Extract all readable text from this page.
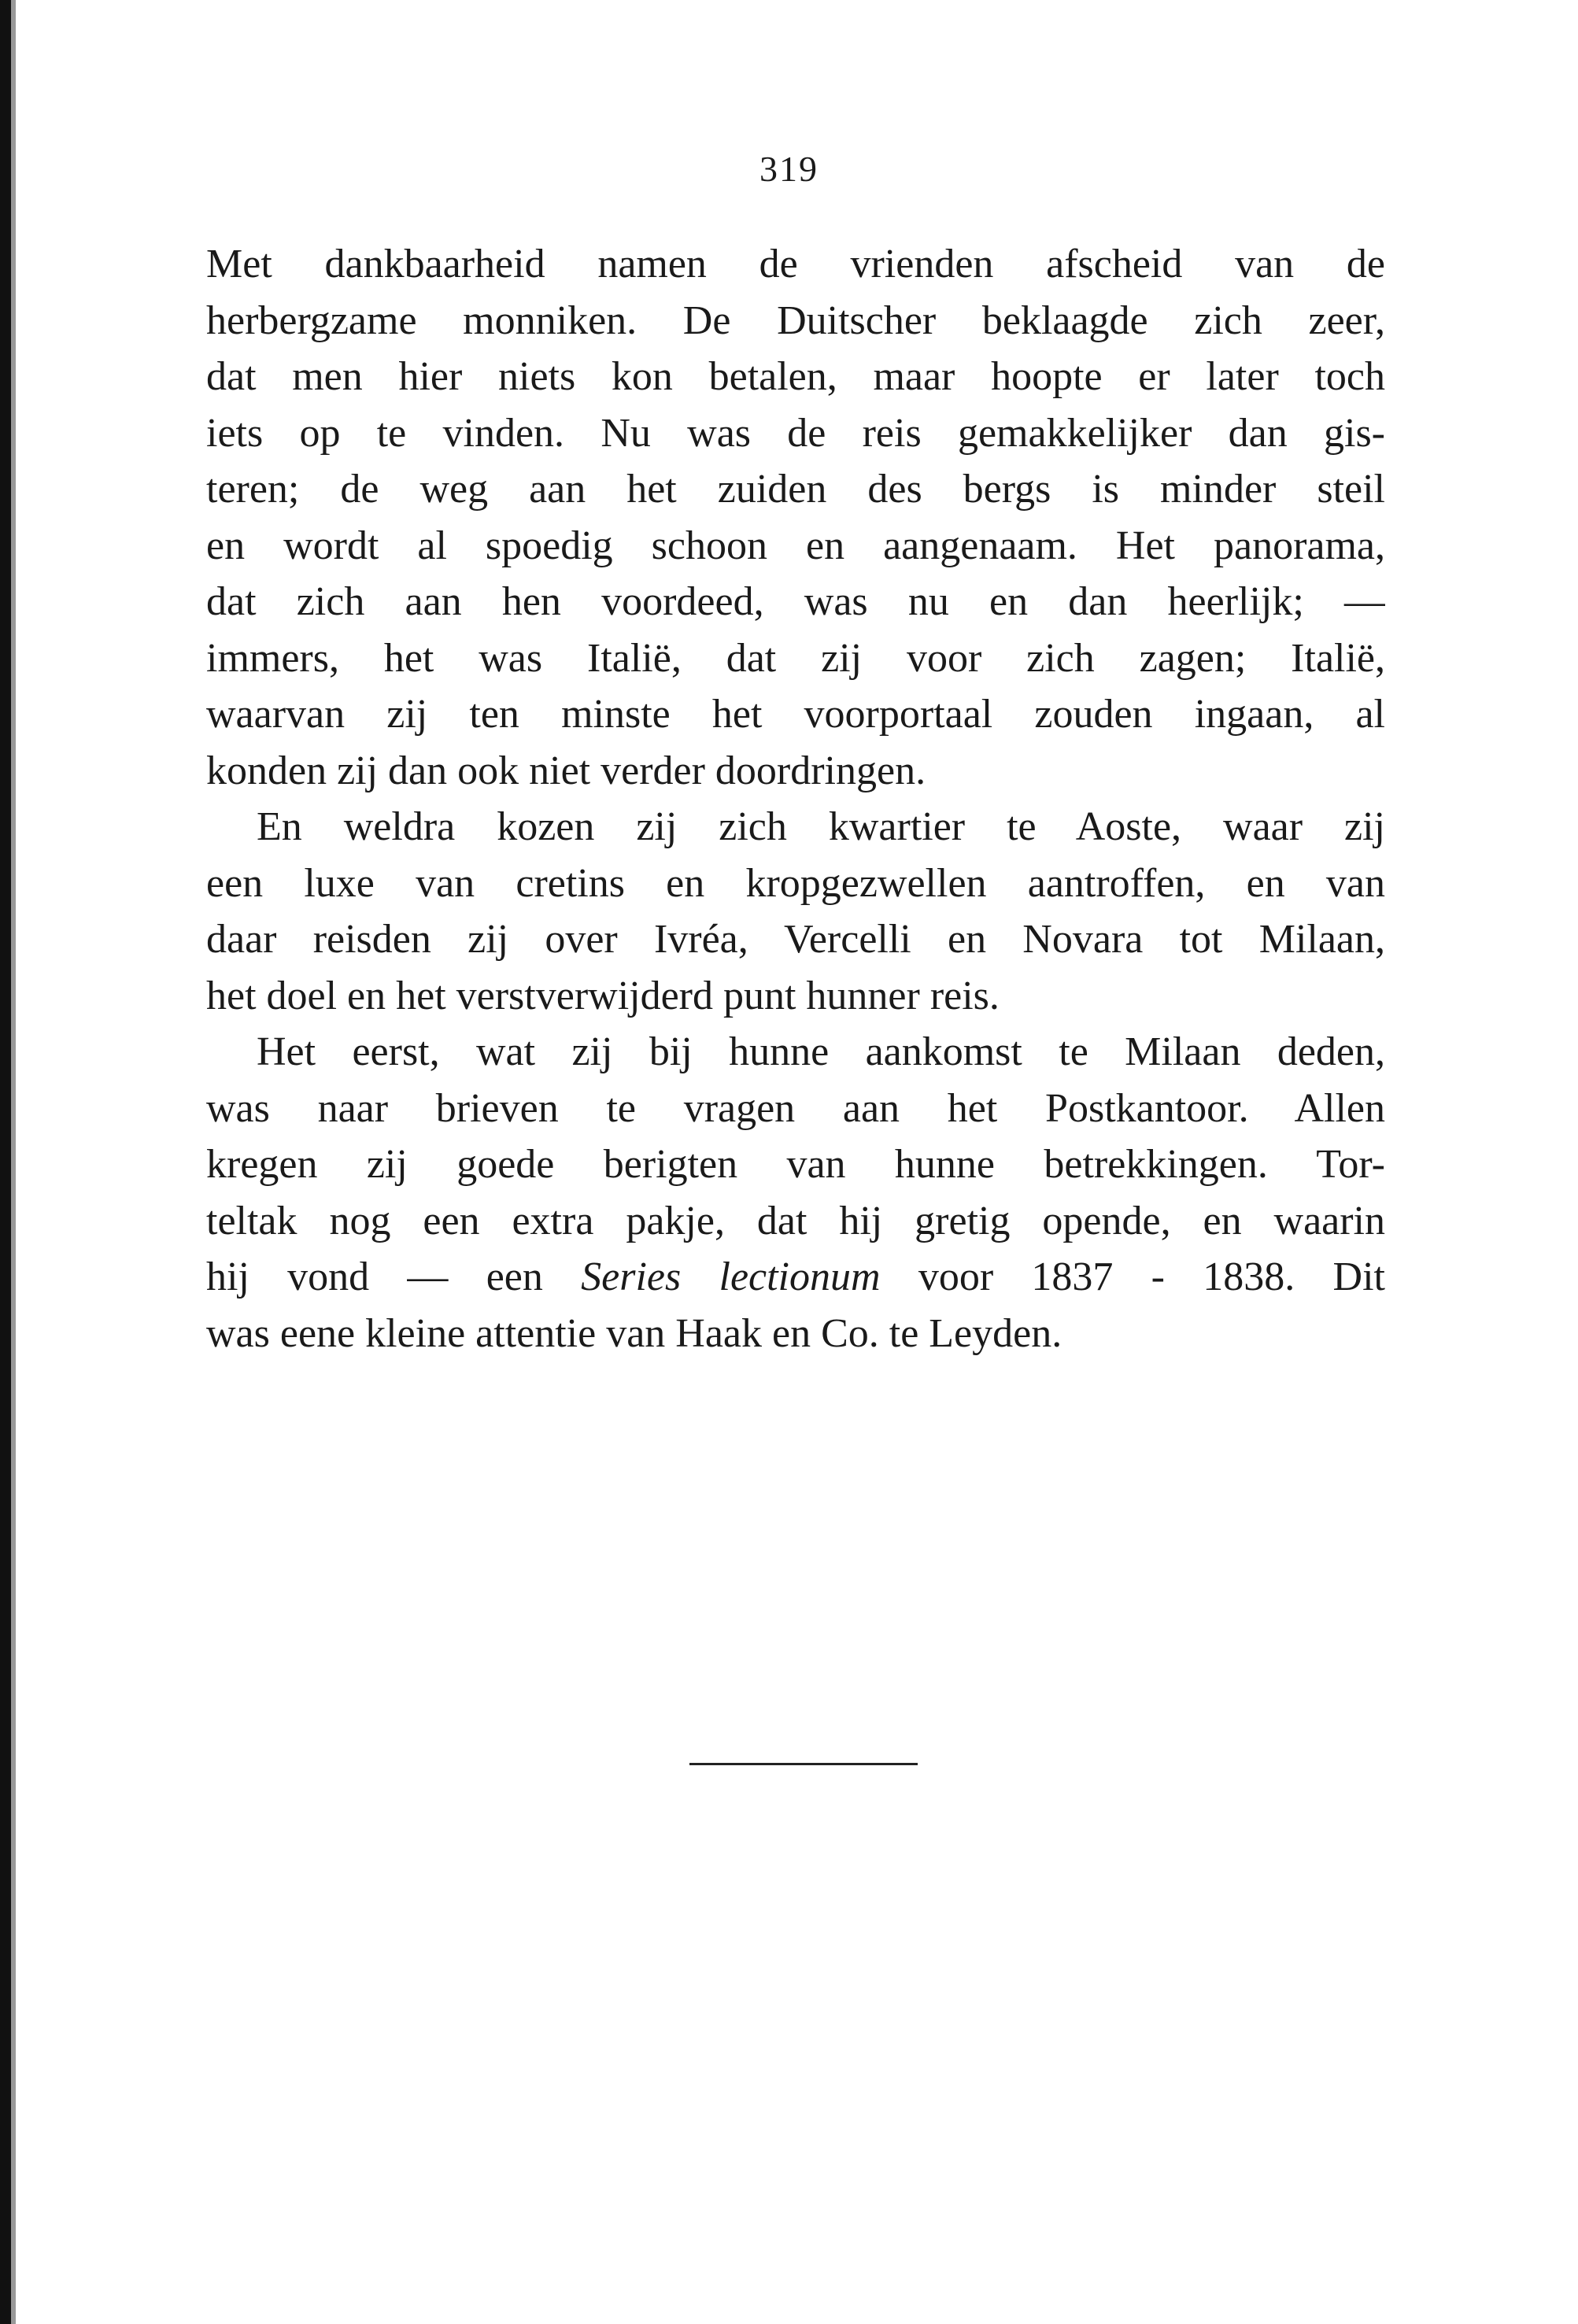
319
Met dankbaarheid namen de vrienden afscheid van de
herbergzame monniken. De Duitscher beklaagde zich zeer,
dat men hier niets kon betalen, maar hoopte er later toch
iets op te vinden. Nu was de reis gemakkelijker dan gis-
teren; de weg aan het zuiden des bergs is minder steil
en wordt al spoedig schoon en aangenaam. Het panorama,
dat zich aan hen voordeed, was nu en dan heerlijk; —
immers, het was Italië, dat zij voor zich zagen; Italië,
waarvan zij ten minste het voorportaal zouden ingaan, al
konden zij dan ook niet verder doordringen.
En weldra kozen zij zich kwartier te Aoste, waar zij
een luxe van cretins en kropgezwellen aantroffen, en van
daar reisden zij over Ivréa, Vercelli en Novara tot Milaan,
het doel en het verstverwijderd punt hunner reis.
Het eerst, wat zij bij hunne aankomst te Milaan deden,
was naar brieven te vragen aan het Postkantoor. Allen
kregen zij goede berigten van hunne betrekkingen. Tor-
teltak nog een extra pakje, dat hij gretig opende, en waarin
hij vond — een Series lectionum voor 1837 - 1838. Dit
was eene kleine attentie van Haak en Co. te Leyden.
